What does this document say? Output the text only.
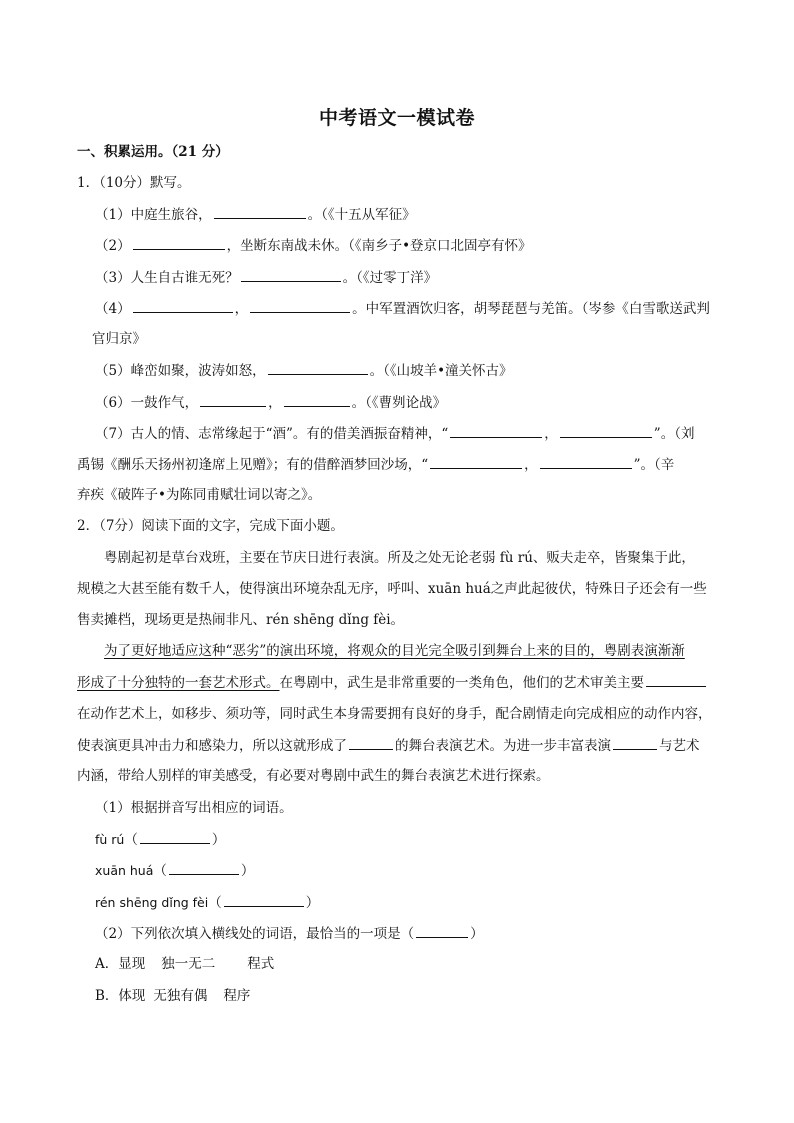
中考语文一模试卷
一、积累运用。（21 分）
1．（10分）默写。
（1）中庭生旅谷，	。（《十五从军征》
（2）	，坐断东南战未休。（《南乡子•登京口北固亭有怀》
（3）人生自古谁无死？	。（《过零丁洋》
（4）	，	。中军置酒饮归客，胡琴琵琶与羌笛。（岑参《白雪歌送武判
官归京》
（5）峰峦如聚，波涛如怒，	。（《山坡羊•潼关怀古》
（6）一鼓作气，	，	。（《曹刿论战》
（7）古人的情、志常缘起于“酒”。有的借美酒振奋精神，“	，	”。（刘
禹锡《酬乐天扬州初逢席上见赠》；有的借醉酒梦回沙场，“	，	”。（辛
弃疾《破阵子•为陈同甫赋壮词以寄之》。
2．（7分）阅读下面的文字，完成下面小题。
粤剧起初是草台戏班，主要在节庆日进行表演。所及之处无论老弱 fù rú、贩夫走卒，皆聚集于此，
规模之大甚至能有数千人，使得演出环境杂乱无序，呼叫、xuān huá之声此起彼伏，特殊日子还会有一些
售卖摊档，现场更是热闹非凡、rén shēng dǐng fèi。
为了更好地适应这种“恶劣”的演出环境，将观众的目光完全吸引到舞台上来的目的，粤剧表演渐渐
形成了十分独特的一套艺术形式。在粤剧中，武生是非常重要的一类角色，他们的艺术审美主要
在动作艺术上，如移步、须功等，同时武生本身需要拥有良好的身手，配合剧情走向完成相应的动作内容，
使表演更具冲击力和感染力，所以这就形成了	的舞台表演艺术。为进一步丰富表演	与艺术
内涵，带给人别样的审美感受，有必要对粤剧中武生的舞台表演艺术进行探索。
（1）根据拼音写出相应的词语。
fù rú（	）
xuān huá（	）
rén shēng dǐng fèi（	）
（2）下列依次填入横线处的词语，最恰当的一项是（	）
A．显现 独一无二 程式
B．体现 无独有偶 程序
